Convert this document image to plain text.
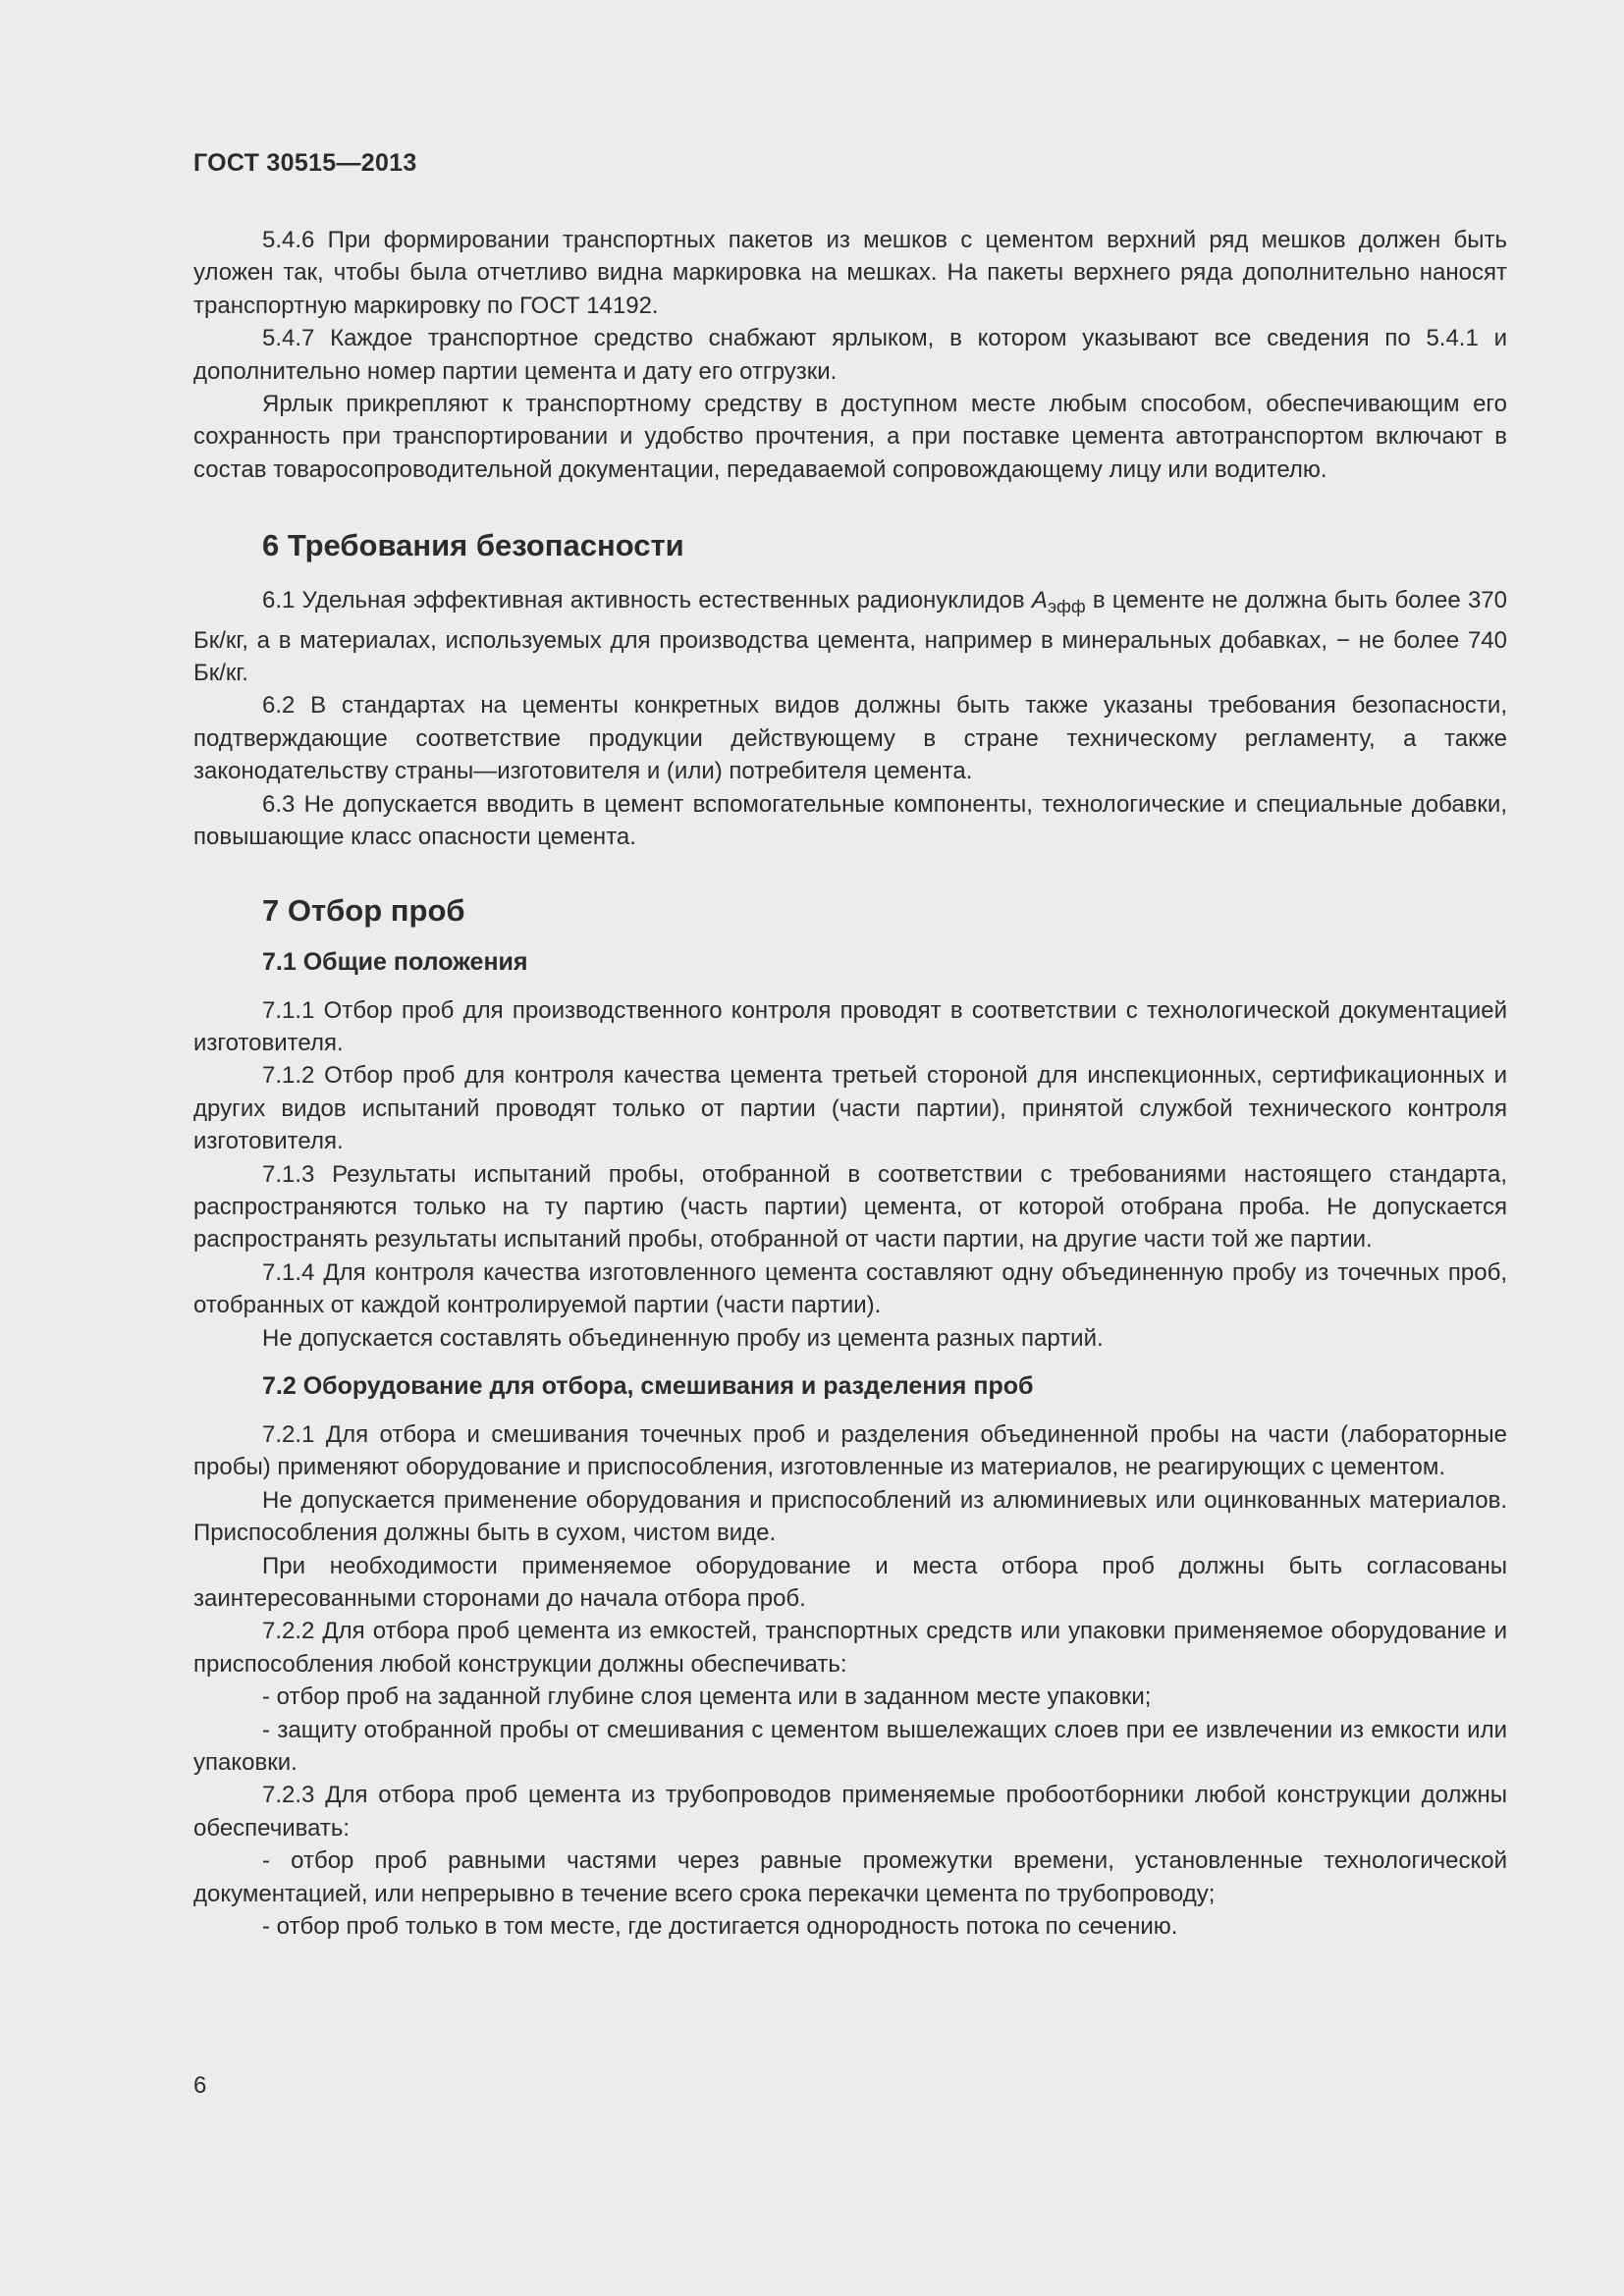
ГОСТ 30515—2013

5.4.6 При формировании транспортных пакетов из мешков с цементом верхний ряд мешков должен быть уложен так, чтобы была отчетливо видна маркировка на мешках. На пакеты верхнего ряда дополнительно наносят транспортную маркировку по ГОСТ 14192.

5.4.7 Каждое транспортное средство снабжают ярлыком, в котором указывают все сведения по 5.4.1 и дополнительно номер партии цемента и дату его отгрузки.

Ярлык прикрепляют к транспортному средству в доступном месте любым способом, обеспечивающим его сохранность при транспортировании и удобство прочтения, а при поставке цемента автотранспортом включают в состав товаросопроводительной документации, передаваемой сопровождающему лицу или водителю.

6 Требования безопасности

6.1 Удельная эффективная активность естественных радионуклидов $A_{эфф}$ в цементе не должна быть более 370 Бк/кг, а в материалах, используемых для производства цемента, например в минеральных добавках, − не более 740 Бк/кг.

6.2 В стандартах на цементы конкретных видов должны быть также указаны требования безопасности, подтверждающие соответствие продукции действующему в стране техническому регламенту, а также законодательству страны—изготовителя и (или) потребителя цемента.

6.3 Не допускается вводить в цемент вспомогательные компоненты, технологические и специальные добавки, повышающие класс опасности цемента.

7 Отбор проб
7.1 Общие положения

7.1.1 Отбор проб для производственного контроля проводят в соответствии с технологической документацией изготовителя.

7.1.2 Отбор проб для контроля качества цемента третьей стороной для инспекционных, сертификационных и других видов испытаний проводят только от партии (части партии), принятой службой технического контроля изготовителя.

7.1.3 Результаты испытаний пробы, отобранной в соответствии с требованиями настоящего стандарта, распространяются только на ту партию (часть партии) цемента, от которой отобрана проба. Не допускается распространять результаты испытаний пробы, отобранной от части партии, на другие части той же партии.

7.1.4 Для контроля качества изготовленного цемента составляют одну объединенную пробу из точечных проб, отобранных от каждой контролируемой партии (части партии).

Не допускается составлять объединенную пробу из цемента разных партий.

7.2 Оборудование для отбора, смешивания и разделения проб

7.2.1 Для отбора и смешивания точечных проб и разделения объединенной пробы на части (лабораторные пробы) применяют оборудование и приспособления, изготовленные из материалов, не реагирующих с цементом.

Не допускается применение оборудования и приспособлений из алюминиевых или оцинкованных материалов. Приспособления должны быть в сухом, чистом виде.

При необходимости применяемое оборудование и места отбора проб должны быть согласованы заинтересованными сторонами до начала отбора проб.

7.2.2 Для отбора проб цемента из емкостей, транспортных средств или упаковки применяемое оборудование и приспособления любой конструкции должны обеспечивать:

- отбор проб на заданной глубине слоя цемента или в заданном месте упаковки;

- защиту отобранной пробы от смешивания с цементом вышележащих слоев при ее извлечении из емкости или упаковки.

7.2.3 Для отбора проб цемента из трубопроводов применяемые пробоотборники любой конструкции должны обеспечивать:

- отбор проб равными частями через равные промежутки времени, установленные технологической документацией, или непрерывно в течение всего срока перекачки цемента по трубопроводу;

- отбор проб только в том месте, где достигается однородность потока по сечению.

6
